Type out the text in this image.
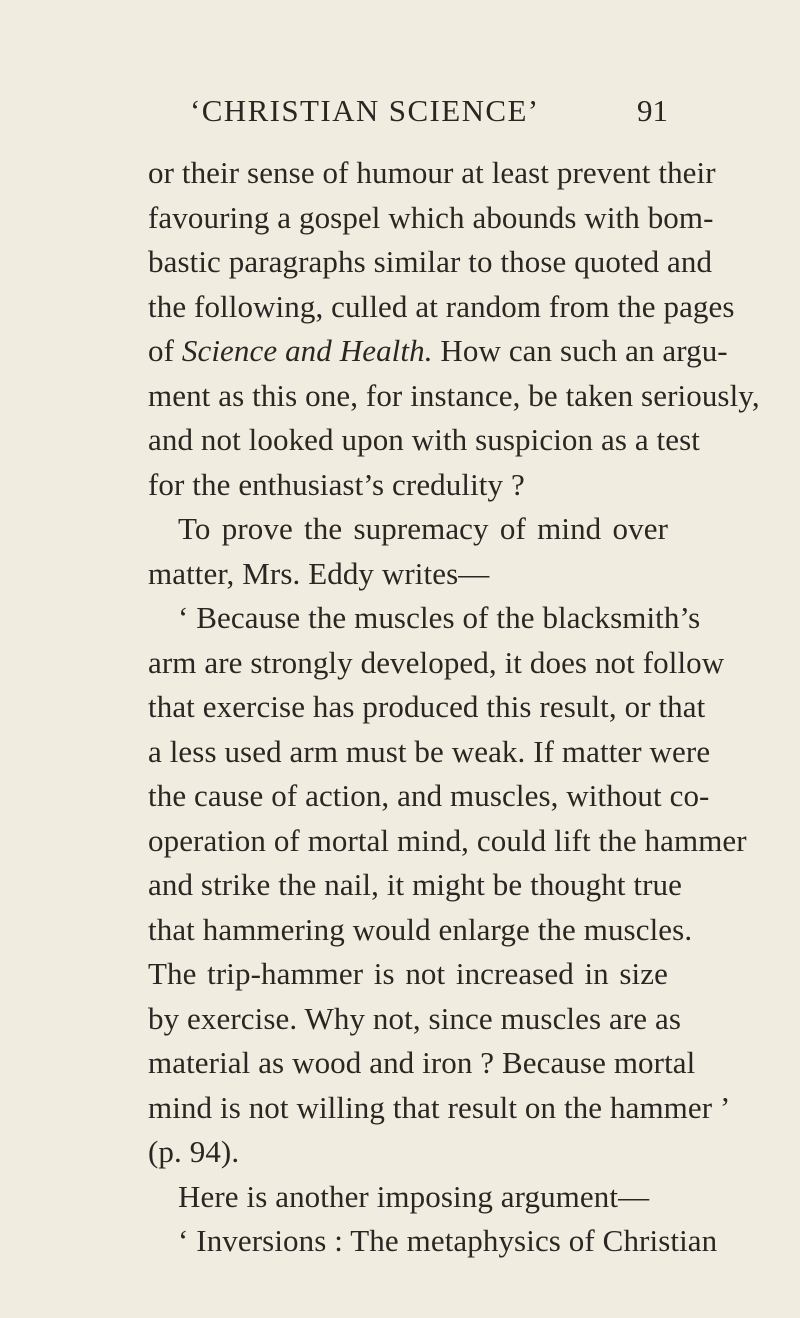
‘CHRISTIAN SCIENCE’	91
or their sense of humour at least prevent their
favouring a gospel which abounds with bom-
bastic paragraphs similar to those quoted and
the following, culled at random from the pages
of Science and Health. How can such an argu-
ment as this one, for instance, be taken seriously,
and not looked upon with suspicion as a test
for the enthusiast’s credulity ?
To prove the supremacy of mind over
matter, Mrs. Eddy writes—
‘ Because the muscles of the blacksmith’s
arm are strongly developed, it does not follow
that exercise has produced this result, or that
a less used arm must be weak. If matter were
the cause of action, and muscles, without co-
operation of mortal mind, could lift the hammer
and strike the nail, it might be thought true
that hammering would enlarge the muscles.
The trip-hammer is not increased in size
by exercise. Why not, since muscles are as
material as wood and iron ? Because mortal
mind is not willing that result on the hammer ’
(p. 94).
Here is another imposing argument—
‘ Inversions : The metaphysics of Christian
